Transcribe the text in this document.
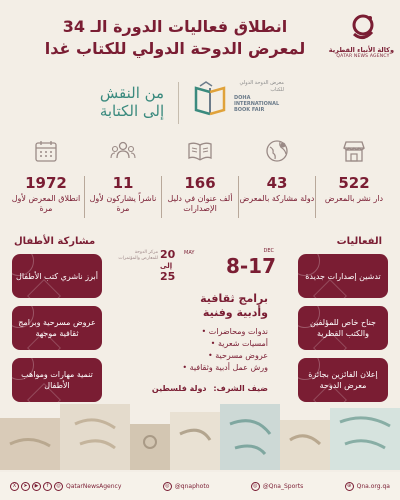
وكالة الأنباء القطرية
QATAR NEWS AGENCY
انطلاق فعاليات الدورة الـ 34
لمعرض الدوحة الدولي للكتاب غدا
معرض الدوحة الدولي للكتاب
DOHA INTERNATIONAL BOOK FAIR
من النقش
إلى الكتابة
522
دار نشر بالمعرض
43
دولة مشاركة بالمعرض
166
ألف عنوان في دليل الإصدارات
11
ناشراً يشاركون لأول مرة
1972
انطلاق المعرض لأول مرة
الفعاليات
مشاركة الأطفال
تدشين إصدارات جديدة
جناح خاص للمؤلفين والكتب القطرية
إعلان الفائزين بجائزة معرض الدوحة
أبرز ناشري كتب الأطفال
عروض مسرحية وبرامج ثقافية موجهة
تنمية مهارات ومواهب الأطفال
مركز الدوحة للمعارض والمؤتمرات 20
إلى
25
MAY	DEC
8-17
برامج ثقافية
وأدبية وفنية
ندوات ومحاضرات •
أمسيات شعرية •
عروض مسرحية •
ورش عمل أدبية وثقافية •
ضيف الشرف: دولة فلسطين
X	➤	▶	f	◎ QatarNewsAgency	◎ @qnaphoto	◎ @Qna_Sports	⊕ Qna.org.qa
